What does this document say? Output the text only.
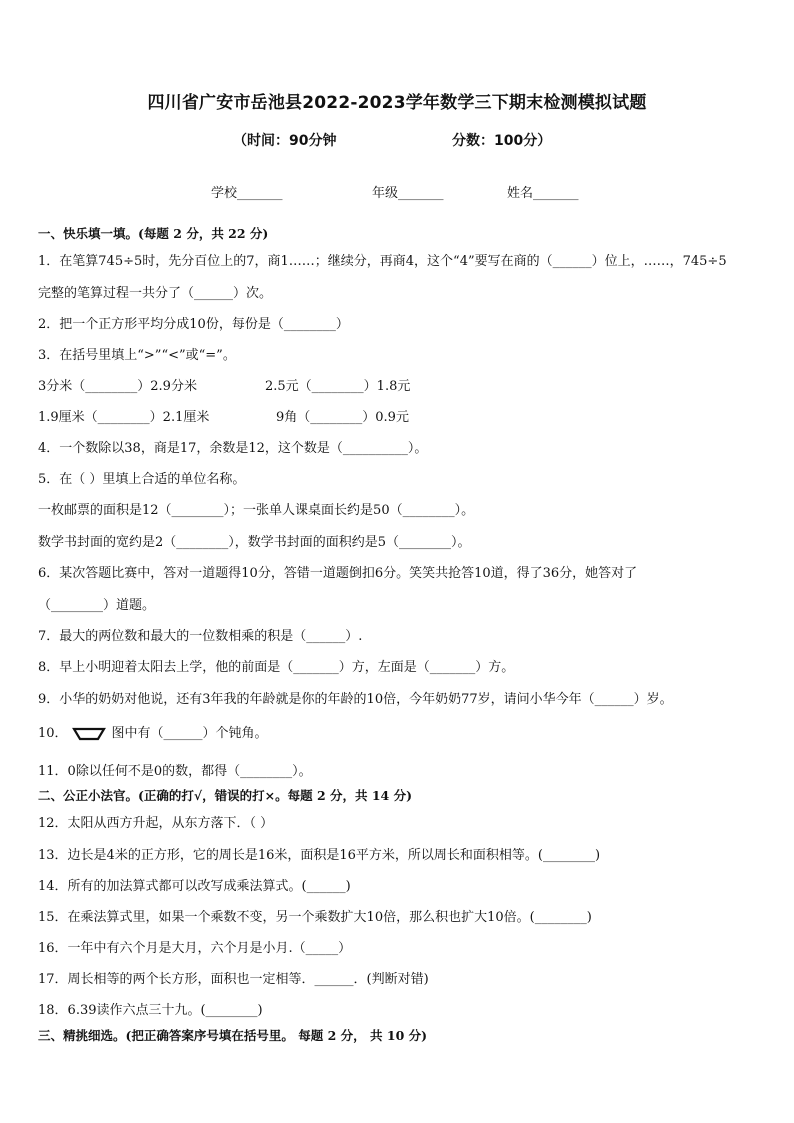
四川省广安市岳池县2022-2023学年数学三下期末检测模拟试题
（时间：90分钟	分数：100分）
学校_______	年级_______	姓名_______
一、快乐填一填。(每题 2 分，共 22 分)
1．在笔算745÷5时，先分百位上的7，商1……；继续分，再商4，这个“4”要写在商的（______）位上，……，745÷5
完整的笔算过程一共分了（______）次。
2．把一个正方形平均分成10份，每份是（________）
3．在括号里填上“>”“<”或“=”。
3分米（________）2.9分米	2.5元（________）1.8元
1.9厘米（________）2.1厘米	9角（________）0.9元
4．一个数除以38，商是17，余数是12，这个数是（__________）。
5．在（ ）里填上合适的单位名称。
一枚邮票的面积是12（________）；一张单人课桌面长约是50（________）。
数学书封面的宽约是2（________），数学书封面的面积约是5（________）。
6．某次答题比赛中，答对一道题得10分，答错一道题倒扣6分。笑笑共抢答10道，得了36分，她答对了
（________）道题。
7．最大的两位数和最大的一位数相乘的积是（______）.
8．早上小明迎着太阳去上学，他的前面是（_______）方，左面是（_______）方。
9．小华的奶奶对他说，还有3年我的年龄就是你的年龄的10倍，今年奶奶77岁，请问小华今年（______）岁。
10．	图中有（______）个钝角。
11．0除以任何不是0的数，都得（________）。
二、公正小法官。(正确的打√，错误的打×。每题 2 分，共 14 分)
12．太阳从西方升起，从东方落下．（ ）
13．边长是4米的正方形，它的周长是16米，面积是16平方米，所以周长和面积相等。(________)
14．所有的加法算式都可以改写成乘法算式。(______)
15．在乘法算式里，如果一个乘数不变，另一个乘数扩大10倍，那么积也扩大10倍。(________)
16．一年中有六个月是大月，六个月是小月.（_____）
17．周长相等的两个长方形，面积也一定相等．______．(判断对错)
18．6.39读作六点三十九。(________)
三、精挑细选。(把正确答案序号填在括号里。 每题 2 分， 共 10 分)
